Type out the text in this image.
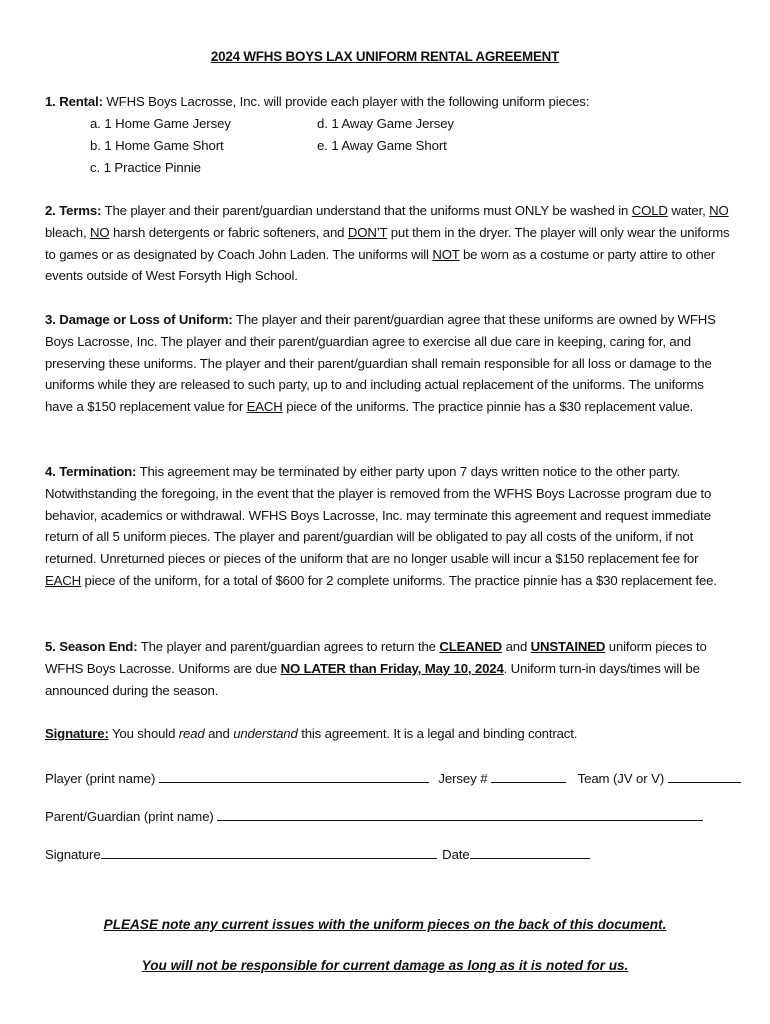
2024 WFHS BOYS LAX UNIFORM RENTAL AGREEMENT
1. Rental: WFHS Boys Lacrosse, Inc. will provide each player with the following uniform pieces:
a. 1 Home Game Jersey
b. 1 Home Game Short
c. 1 Practice Pinnie
d. 1 Away Game Jersey
e. 1 Away Game Short
2. Terms: The player and their parent/guardian understand that the uniforms must ONLY be washed in COLD water, NO bleach, NO harsh detergents or fabric softeners, and DON’T put them in the dryer. The player will only wear the uniforms to games or as designated by Coach John Laden. The uniforms will NOT be worn as a costume or party attire to other events outside of West Forsyth High School.
3. Damage or Loss of Uniform: The player and their parent/guardian agree that these uniforms are owned by WFHS Boys Lacrosse, Inc. The player and their parent/guardian agree to exercise all due care in keeping, caring for, and preserving these uniforms. The player and their parent/guardian shall remain responsible for all loss or damage to the uniforms while they are released to such party, up to and including actual replacement of the uniforms. The uniforms have a $150 replacement value for EACH piece of the uniforms. The practice pinnie has a $30 replacement value.
4. Termination: This agreement may be terminated by either party upon 7 days written notice to the other party. Notwithstanding the foregoing, in the event that the player is removed from the WFHS Boys Lacrosse program due to behavior, academics or withdrawal. WFHS Boys Lacrosse, Inc. may terminate this agreement and request immediate return of all 5 uniform pieces. The player and parent/guardian will be obligated to pay all costs of the uniform, if not returned. Unreturned pieces or pieces of the uniform that are no longer usable will incur a $150 replacement fee for EACH piece of the uniform, for a total of $600 for 2 complete uniforms. The practice pinnie has a $30 replacement fee.
5. Season End: The player and parent/guardian agrees to return the CLEANED and UNSTAINED uniform pieces to WFHS Boys Lacrosse. Uniforms are due NO LATER than Friday, May 10, 2024. Uniform turn-in days/times will be announced during the season.
Signature: You should read and understand this agreement. It is a legal and binding contract.
Player (print name)	Jersey #	Team (JV or V)
Parent/Guardian (print name)
Signature	Date
PLEASE note any current issues with the uniform pieces on the back of this document.
You will not be responsible for current damage as long as it is noted for us.
